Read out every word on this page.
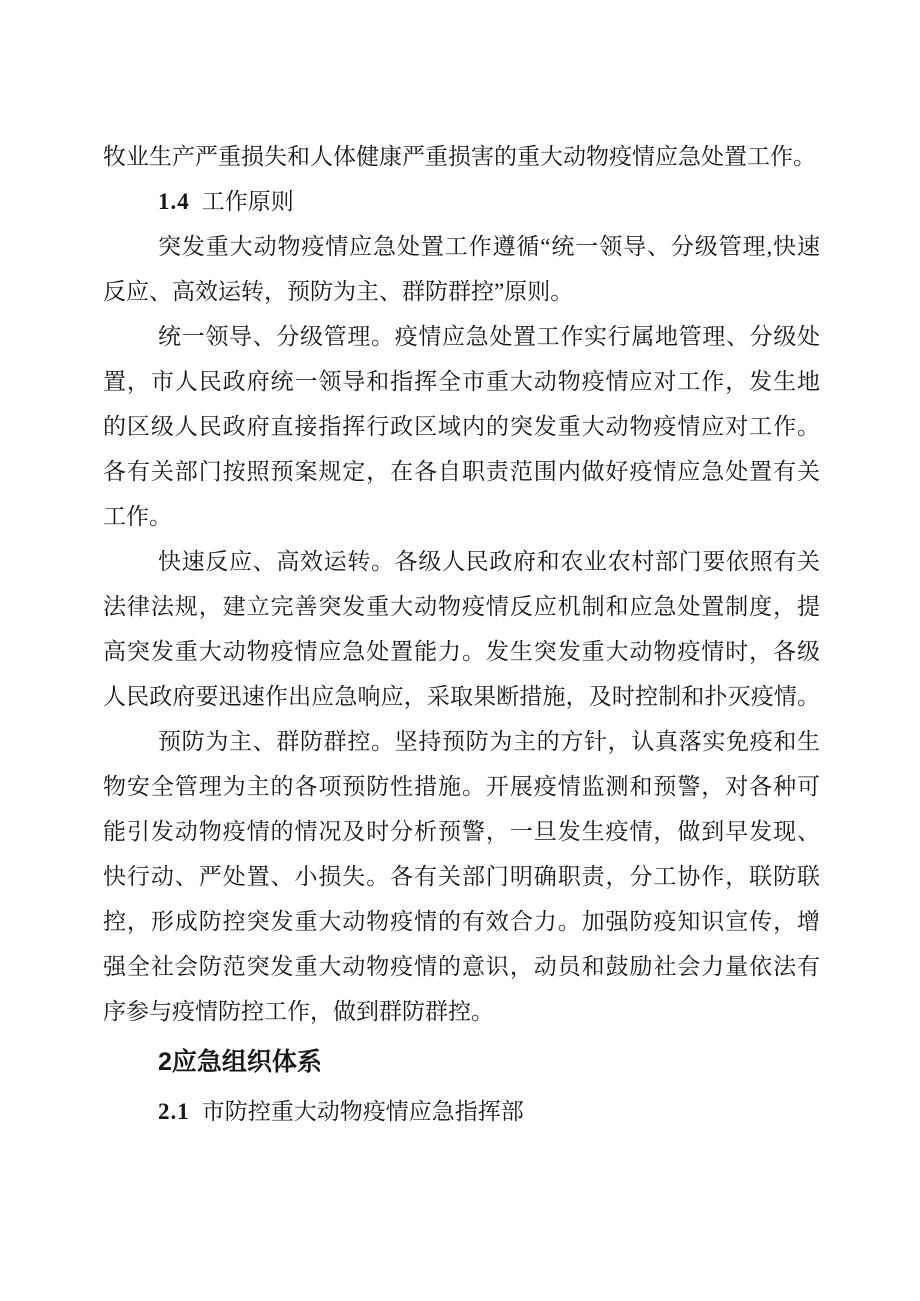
牧业生产严重损失和人体健康严重损害的重大动物疫情应急处置工作。
1.4 工作原则
突发重大动物疫情应急处置工作遵循“统一领导、分级管理,快速
反应、高效运转，预防为主、群防群控”原则。
统一领导、分级管理。疫情应急处置工作实行属地管理、分级处
置，市人民政府统一领导和指挥全市重大动物疫情应对工作，发生地
的区级人民政府直接指挥行政区域内的突发重大动物疫情应对工作。
各有关部门按照预案规定，在各自职责范围内做好疫情应急处置有关
工作。
快速反应、高效运转。各级人民政府和农业农村部门要依照有关
法律法规，建立完善突发重大动物疫情反应机制和应急处置制度，提
高突发重大动物疫情应急处置能力。发生突发重大动物疫情时，各级
人民政府要迅速作出应急响应，采取果断措施，及时控制和扑灭疫情。
预防为主、群防群控。坚持预防为主的方针，认真落实免疫和生
物安全管理为主的各项预防性措施。开展疫情监测和预警，对各种可
能引发动物疫情的情况及时分析预警，一旦发生疫情，做到早发现、
快行动、严处置、小损失。各有关部门明确职责，分工协作，联防联
控，形成防控突发重大动物疫情的有效合力。加强防疫知识宣传，增
强全社会防范突发重大动物疫情的意识，动员和鼓励社会力量依法有
序参与疫情防控工作，做到群防群控。
2应急组织体系
2.1 市防控重大动物疫情应急指挥部
